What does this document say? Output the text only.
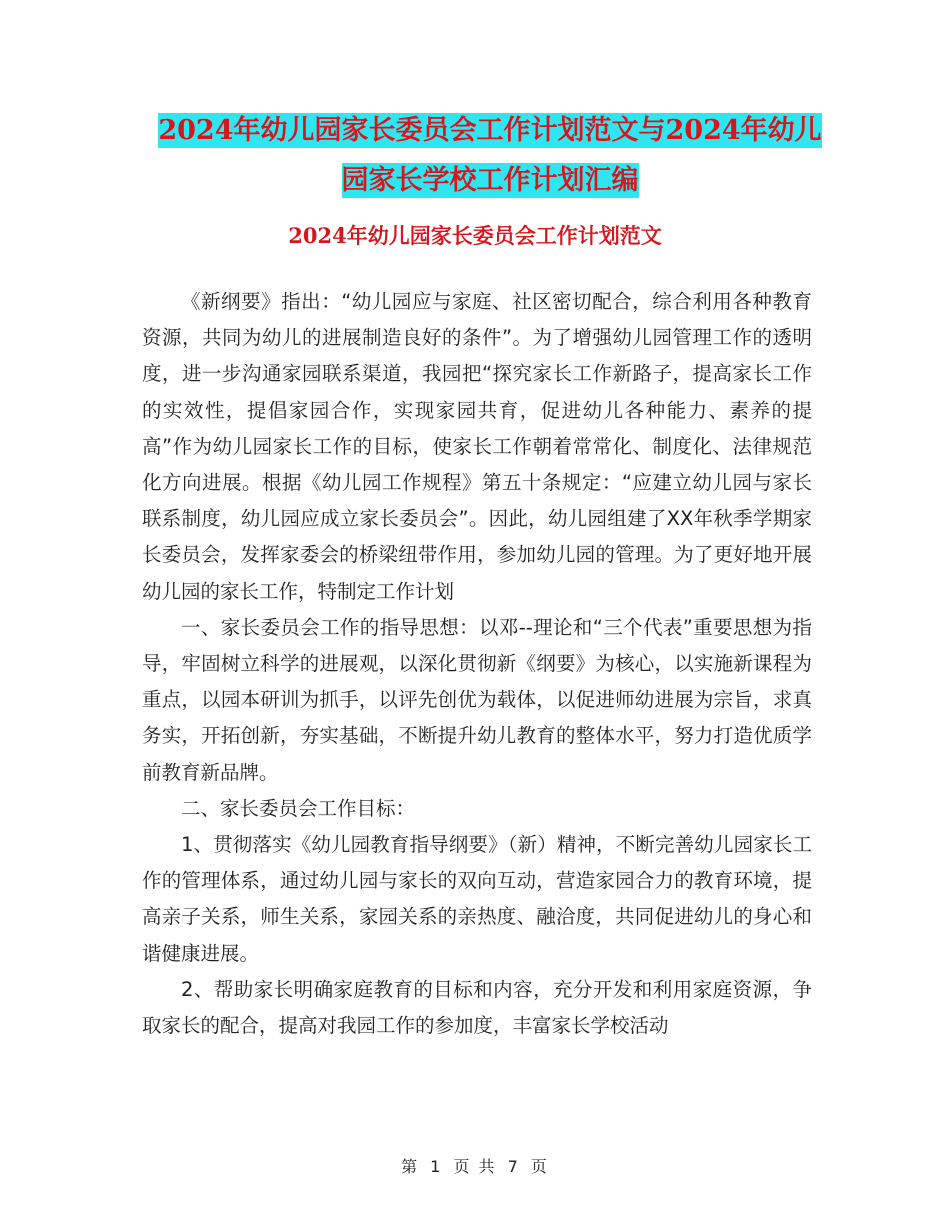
2024年幼儿园家长委员会工作计划范文与2024年幼儿
园家长学校工作计划汇编
2024年幼儿园家长委员会工作计划范文

《新纲要》指出：“幼儿园应与家庭、社区密切配合，综合利用各种教育资源，共同为幼儿的进展制造良好的条件”。为了增强幼儿园管理工作的透明度，进一步沟通家园联系渠道，我园把“探究家长工作新路子，提高家长工作的实效性，提倡家园合作，实现家园共育，促进幼儿各种能力、素养的提高”作为幼儿园家长工作的目标，使家长工作朝着常常化、制度化、法律规范化方向进展。根据《幼儿园工作规程》第五十条规定：“应建立幼儿园与家长联系制度，幼儿园应成立家长委员会”。因此，幼儿园组建了XX年秋季学期家长委员会，发挥家委会的桥梁纽带作用，参加幼儿园的管理。为了更好地开展幼儿园的家长工作，特制定工作计划

一、家长委员会工作的指导思想：以邓--理论和“三个代表”重要思想为指导，牢固树立科学的进展观，以深化贯彻新《纲要》为核心，以实施新课程为重点，以园本研训为抓手，以评先创优为载体，以促进师幼进展为宗旨，求真务实，开拓创新，夯实基础，不断提升幼儿教育的整体水平，努力打造优质学前教育新品牌。

二、家长委员会工作目标：

1、贯彻落实《幼儿园教育指导纲要》（新）精神，不断完善幼儿园家长工作的管理体系，通过幼儿园与家长的双向互动，营造家园合力的教育环境，提高亲子关系，师生关系，家园关系的亲热度、融洽度，共同促进幼儿的身心和谐健康进展。

2、帮助家长明确家庭教育的目标和内容，充分开发和利用家庭资源，争取家长的配合，提高对我园工作的参加度，丰富家长学校活动

第 1 页 共 7 页
